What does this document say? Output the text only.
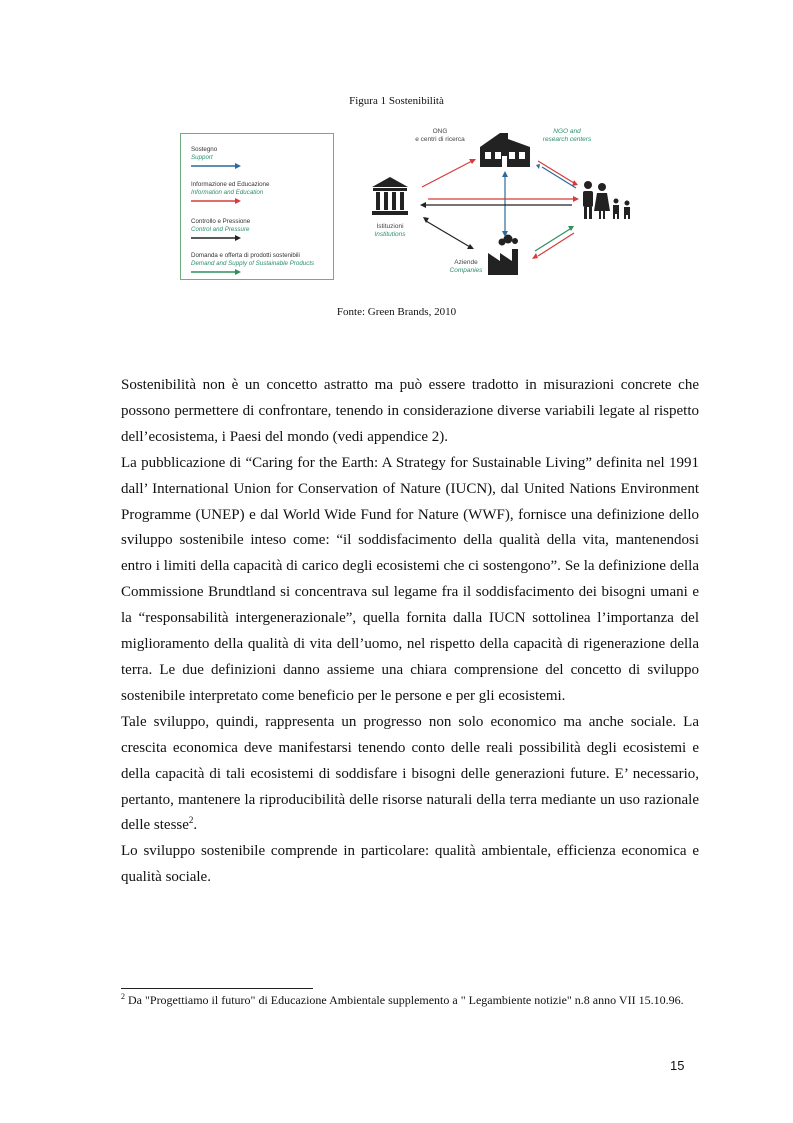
Figura 1 Sostenibilità
Sostegno
Support
Informazione ed Educazione
Information and Education
Controllo e Pressione
Control and Pressure
Domanda e offerta di prodotti sostenibili
Demand and Supply of Sustainable Products
ONG
e centri di ricerca
NGO and
research centers
Istituzioni
Institutions
Aziende
Companies
Fonte: Green Brands, 2010

Sostenibilità non è un concetto astratto ma può essere tradotto in misurazioni concrete che possono permettere di confrontare, tenendo in considerazione diverse variabili legate al rispetto dell’ecosistema, i Paesi del mondo (vedi appendice 2).

La pubblicazione di “Caring for the Earth: A Strategy for Sustainable Living” definita nel 1991 dall’ International Union for Conservation of Nature (IUCN), dal United Nations Environment Programme (UNEP) e dal World Wide Fund for Nature (WWF), fornisce una definizione dello sviluppo sostenibile inteso come: “il soddisfacimento della qualità della vita, mantenendosi entro i limiti della capacità di carico degli ecosistemi che ci sostengono”. Se la definizione della Commissione Brundtland si concentrava sul legame fra il soddisfacimento dei bisogni umani e la “responsabilità intergenerazionale”, quella fornita dalla IUCN sottolinea l’importanza del miglioramento della qualità di vita dell’uomo, nel rispetto della capacità di rigenerazione della terra. Le due definizioni danno assieme una chiara comprensione del concetto di sviluppo sostenibile interpretato come beneficio per le persone e per gli ecosistemi.

Tale sviluppo, quindi, rappresenta un progresso non solo economico ma anche sociale. La crescita economica deve manifestarsi tenendo conto delle reali possibilità degli ecosistemi e della capacità di tali ecosistemi di soddisfare i bisogni delle generazioni future. E’ necessario, pertanto, mantenere la riproducibilità delle risorse naturali della terra mediante un uso razionale delle stesse$^2$.

Lo sviluppo sostenibile comprende in particolare: qualità ambientale, efficienza economica e qualità sociale.

$^2$ Da "Progettiamo il futuro" di Educazione Ambientale supplemento a " Legambiente notizie" n.8 anno VII 15.10.96.

15
